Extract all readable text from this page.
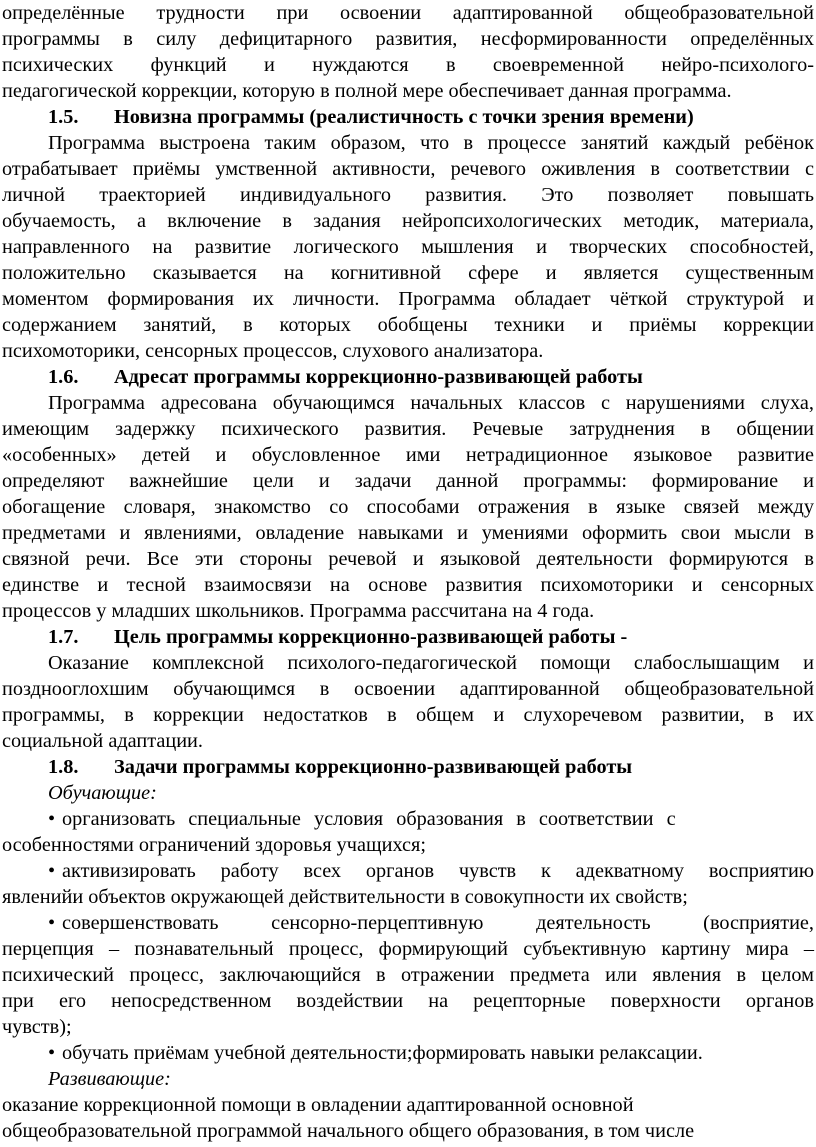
определённые трудности при освоении адаптированной общеобразовательной
программы в силу дефицитарного развития, несформированности определённых
психических функций и нуждаются в своевременной нейро-психолого-
педагогической коррекции, которую в полной мере обеспечивает данная программа.
1.5. Новизна программы (реалистичность с точки зрения времени)
Программа выстроена таким образом, что в процессе занятий каждый ребёнок
отрабатывает приёмы умственной активности, речевого оживления в соответствии с
личной траекторией индивидуального развития. Это позволяет повышать
обучаемость, а включение в задания нейропсихологических методик, материала,
направленного на развитие логического мышления и творческих способностей,
положительно сказывается на когнитивной сфере и является существенным
моментом формирования их личности. Программа обладает чёткой структурой и
содержанием занятий, в которых обобщены техники и приёмы коррекции
психомоторики, сенсорных процессов, слухового анализатора.
1.6. Адресат программы коррекционно-развивающей работы
Программа адресована обучающимся начальных классов с нарушениями слуха,
имеющим задержку психического развития. Речевые затруднения в общении
«особенных» детей и обусловленное ими нетрадиционное языковое развитие
определяют важнейшие цели и задачи данной программы: формирование и
обогащение словаря, знакомство со способами отражения в языке связей между
предметами и явлениями, овладение навыками и умениями оформить свои мысли в
связной речи. Все эти стороны речевой и языковой деятельности формируются в
единстве и тесной взаимосвязи на основе развития психомоторики и сенсорных
процессов у младших школьников. Программа рассчитана на 4 года.
1.7. Цель программы коррекционно-развивающей работы -
Оказание комплексной психолого-педагогической помощи слабослышащим и
позднооглохшим обучающимся в освоении адаптированной общеобразовательной
программы, в коррекции недостатков в общем и слухоречевом развитии, в их
социальной адаптации.
1.8. Задачи программы коррекционно-развивающей работы
Обучающие:
• организовать специальные условия образования в соответствии с
особенностями ограничений здоровья учащихся;
• активизировать работу всех органов чувств к адекватному восприятию
явленийи объектов окружающей действительности в совокупности их свойств;
• совершенствовать сенсорно-перцептивную деятельность (восприятие,
перцепция – познавательный процесс, формирующий субъективную картину мира –
психический процесс, заключающийся в отражении предмета или явления в целом
при его непосредственном воздействии на рецепторные поверхности органов
чувств);
• обучать приёмам учебной деятельности;формировать навыки релаксации.
Развивающие:
оказание коррекционной помощи в овладении адаптированной основной
общеобразовательной программой начального общего образования, в том числе
